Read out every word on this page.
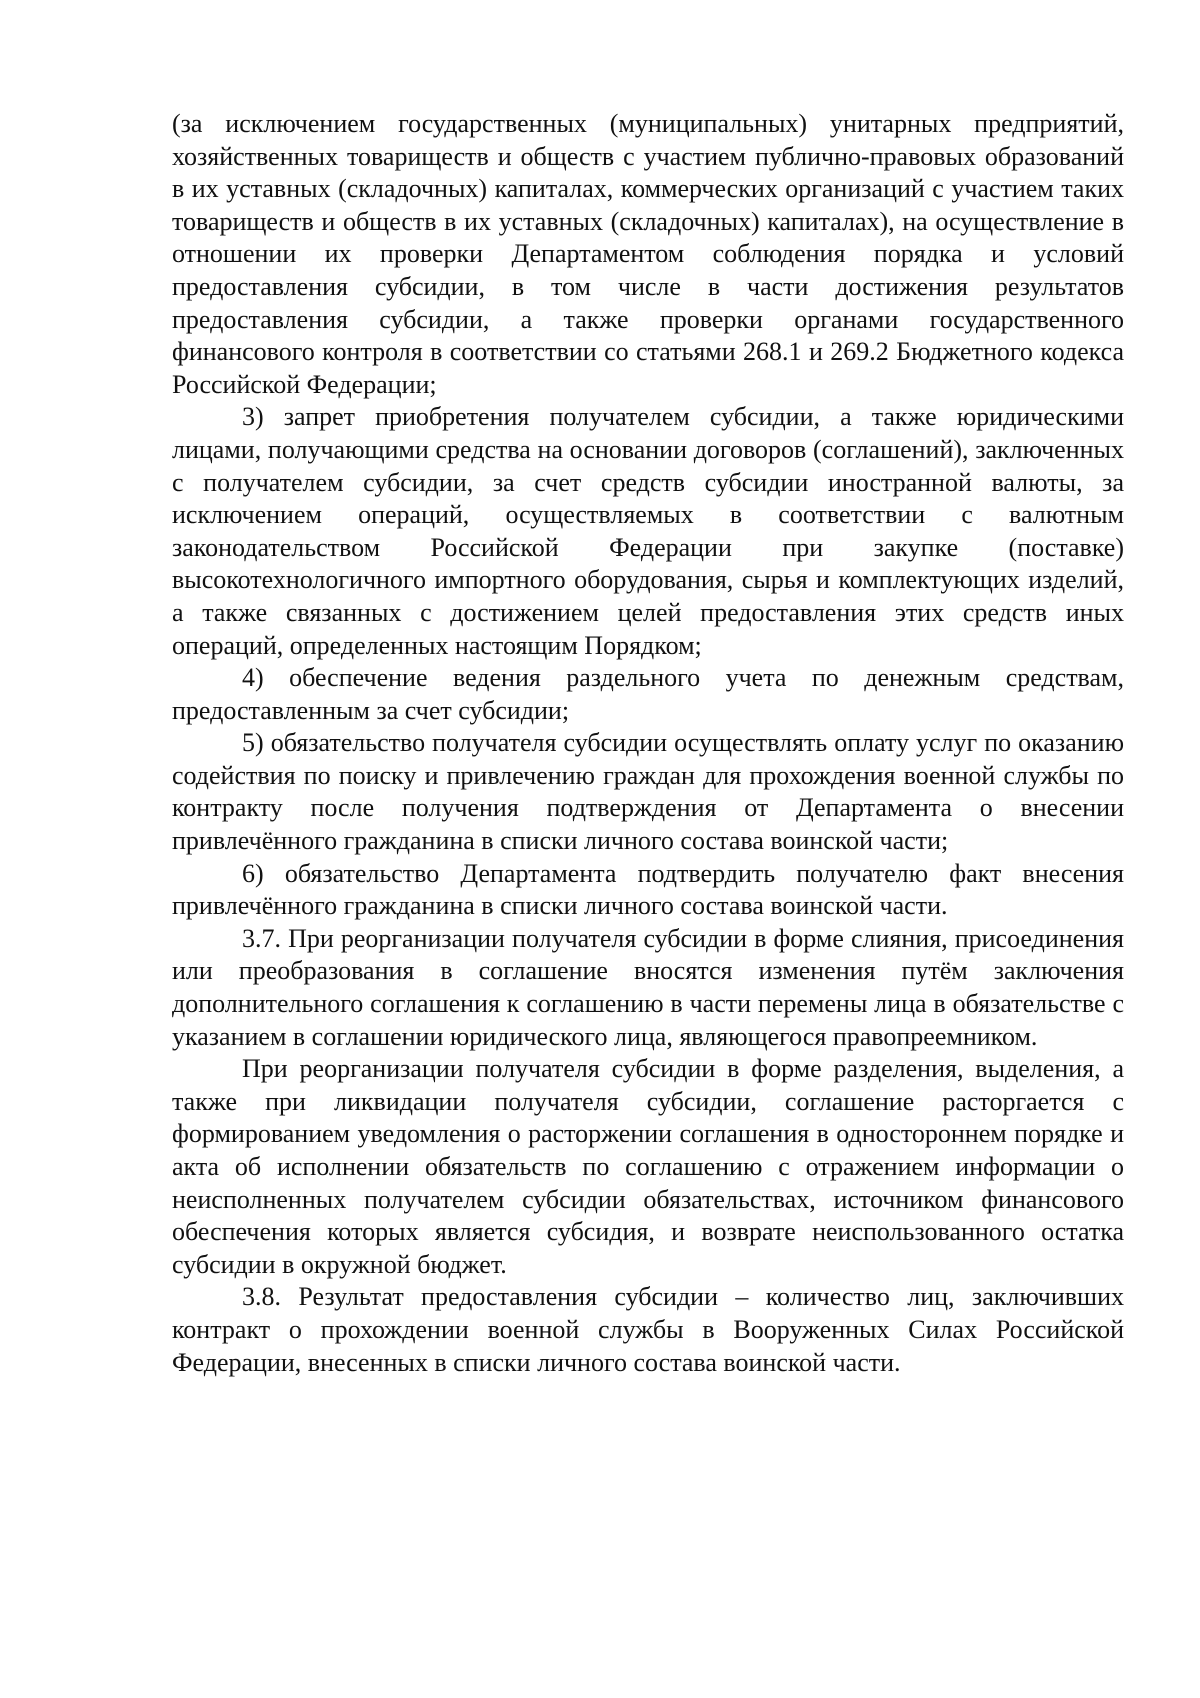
(за исключением государственных (муниципальных) унитарных предприятий, хозяйственных товариществ и обществ с участием публично-правовых образований в их уставных (складочных) капиталах, коммерческих организаций с участием таких товариществ и обществ в их уставных (складочных) капиталах), на осуществление в отношении их проверки Департаментом соблюдения порядка и условий предоставления субсидии, в том числе в части достижения результатов предоставления субсидии, а также проверки органами государственного финансового контроля в соответствии со статьями 268.1 и 269.2 Бюджетного кодекса Российской Федерации;

3) запрет приобретения получателем субсидии, а также юридическими лицами, получающими средства на основании договоров (соглашений), заключенных с получателем субсидии, за счет средств субсидии иностранной валюты, за исключением операций, осуществляемых в соответствии с валютным законодательством Российской Федерации при закупке (поставке) высокотехнологичного импортного оборудования, сырья и комплектующих изделий, а также связанных с достижением целей предоставления этих средств иных операций, определенных настоящим Порядком;

4) обеспечение ведения раздельного учета по денежным средствам, предоставленным за счет субсидии;

5) обязательство получателя субсидии осуществлять оплату услуг по оказанию содействия по поиску и привлечению граждан для прохождения военной службы по контракту после получения подтверждения от Департамента о внесении привлечённого гражданина в списки личного состава воинской части;

6) обязательство Департамента подтвердить получателю факт внесения привлечённого гражданина в списки личного состава воинской части.

3.7. При реорганизации получателя субсидии в форме слияния, присоединения или преобразования в соглашение вносятся изменения путём заключения дополнительного соглашения к соглашению в части перемены лица в обязательстве с указанием в соглашении юридического лица, являющегося правопреемником.

При реорганизации получателя субсидии в форме разделения, выделения, а также при ликвидации получателя субсидии, соглашение расторгается с формированием уведомления о расторжении соглашения в одностороннем порядке и акта об исполнении обязательств по соглашению с отражением информации о неисполненных получателем субсидии обязательствах, источником финансового обеспечения которых является субсидия, и возврате неиспользованного остатка субсидии в окружной бюджет.

3.8. Результат предоставления субсидии – количество лиц, заключивших контракт о прохождении военной службы в Вооруженных Силах Российской Федерации, внесенных в списки личного состава воинской части.
